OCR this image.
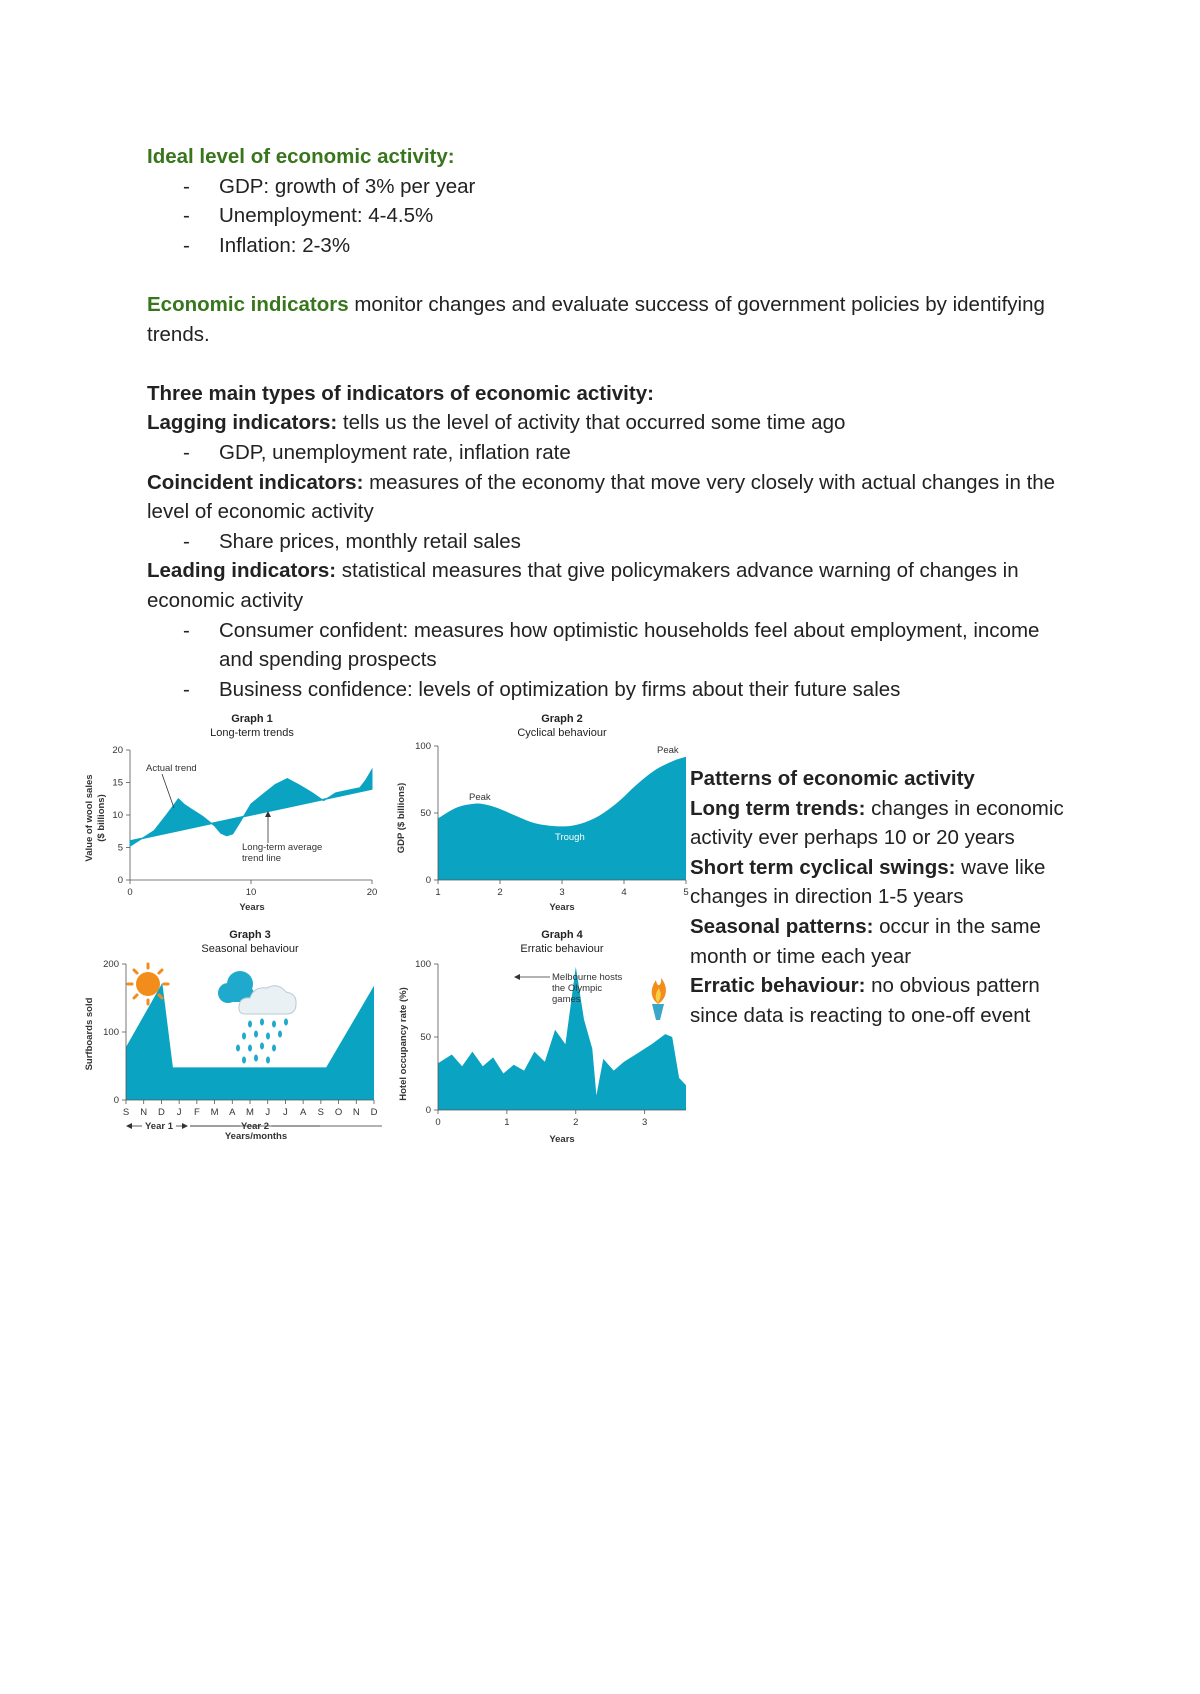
Ideal level of economic activity:
- GDP: growth of 3% per year
- Unemployment: 4-4.5%
- Inflation: 2-3%
Economic indicators monitor changes and evaluate success of government policies by identifying trends.
Three main types of indicators of economic activity:
Lagging indicators: tells us the level of activity that occurred some time ago
- GDP, unemployment rate, inflation rate
Coincident indicators: measures of the economy that move very closely with actual changes in the level of economic activity
- Share prices, monthly retail sales
Leading indicators: statistical measures that give policymakers advance warning of changes in economic activity
- Consumer confident: measures how optimistic households feel about employment, income and spending prospects
- Business confidence: levels of optimization by firms about their future sales
Graph 1
Long-term trends
0
5
10
15
20
0	10	20
Value of wool sales ($ billions)
Years
Actual trend
Long-term average
trend line
Graph 2
Cyclical behaviour
0
50
100
1	2	3	4	5
GDP ($ billions)
Years
Peak
Trough
Peak
Graph 3
Seasonal behaviour
0
100
200
S N D J F M A M J J A S O N D
Surfboards sold
Years/months
Year 1	Year 2
Graph 4
Erratic behaviour
0
50
100
0	1	2	3
Hotel occupancy rate (%)
Years
Melbourne hosts
the Olympic
games
Patterns of economic activity
Long term trends: changes in economic activity ever perhaps 10 or 20 years
Short term cyclical swings: wave like changes in direction 1-5 years
Seasonal patterns: occur in the same month or time each year
Erratic behaviour: no obvious pattern since data is reacting to one-off event
